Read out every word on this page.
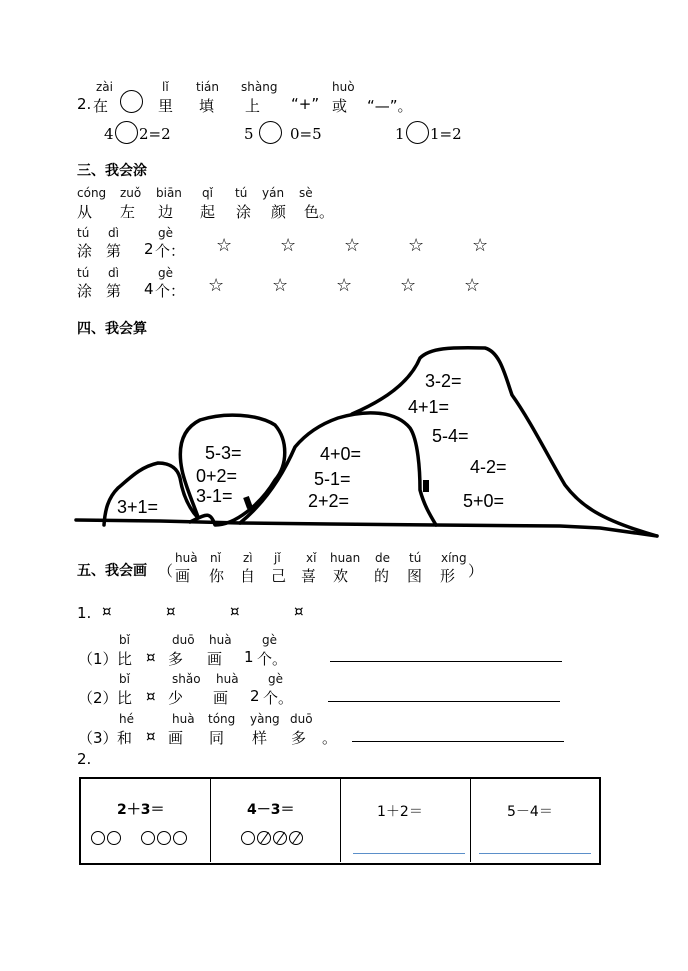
2.
zài
在
lǐ
里
tián
填
shàng
上 “+”
huò
或 “—”。
4 2=2	5 0=5	1 1=2
三、我会涂
cóng
从
zuǒ
左
biān
边
qǐ
起
tú
涂
yán
颜
sè
色。
tú dì	gè
涂 第 2 个： ☆	☆	☆	☆	☆
tú dì	gè
涂 第 4 个： ☆	☆	☆	☆	☆
四、我会算
3+1=
5-3=
0+2=
3-1=
4+0=
5-1=
2+2=
3-2=
4+1=
5-4=
4-2=
5+0=
五、我会画 （
huà
画
nǐ
你
zì
自
jǐ
己
xǐ
喜
huan
欢
de
的
tú
图
xíng
形 ）
1. ¤	¤	¤	¤
（1）
bǐ
比 ¤
duō
多
huà
画 1
gè
个。
（2）
bǐ
比 ¤
shǎo
少
huà
画 2
gè
个。
（3）
hé
和 ¤
huà
画
tóng
同
yàng
样
duō
多 。
2.
2＋3＝	4－3＝	1＋2＝	5－4＝
